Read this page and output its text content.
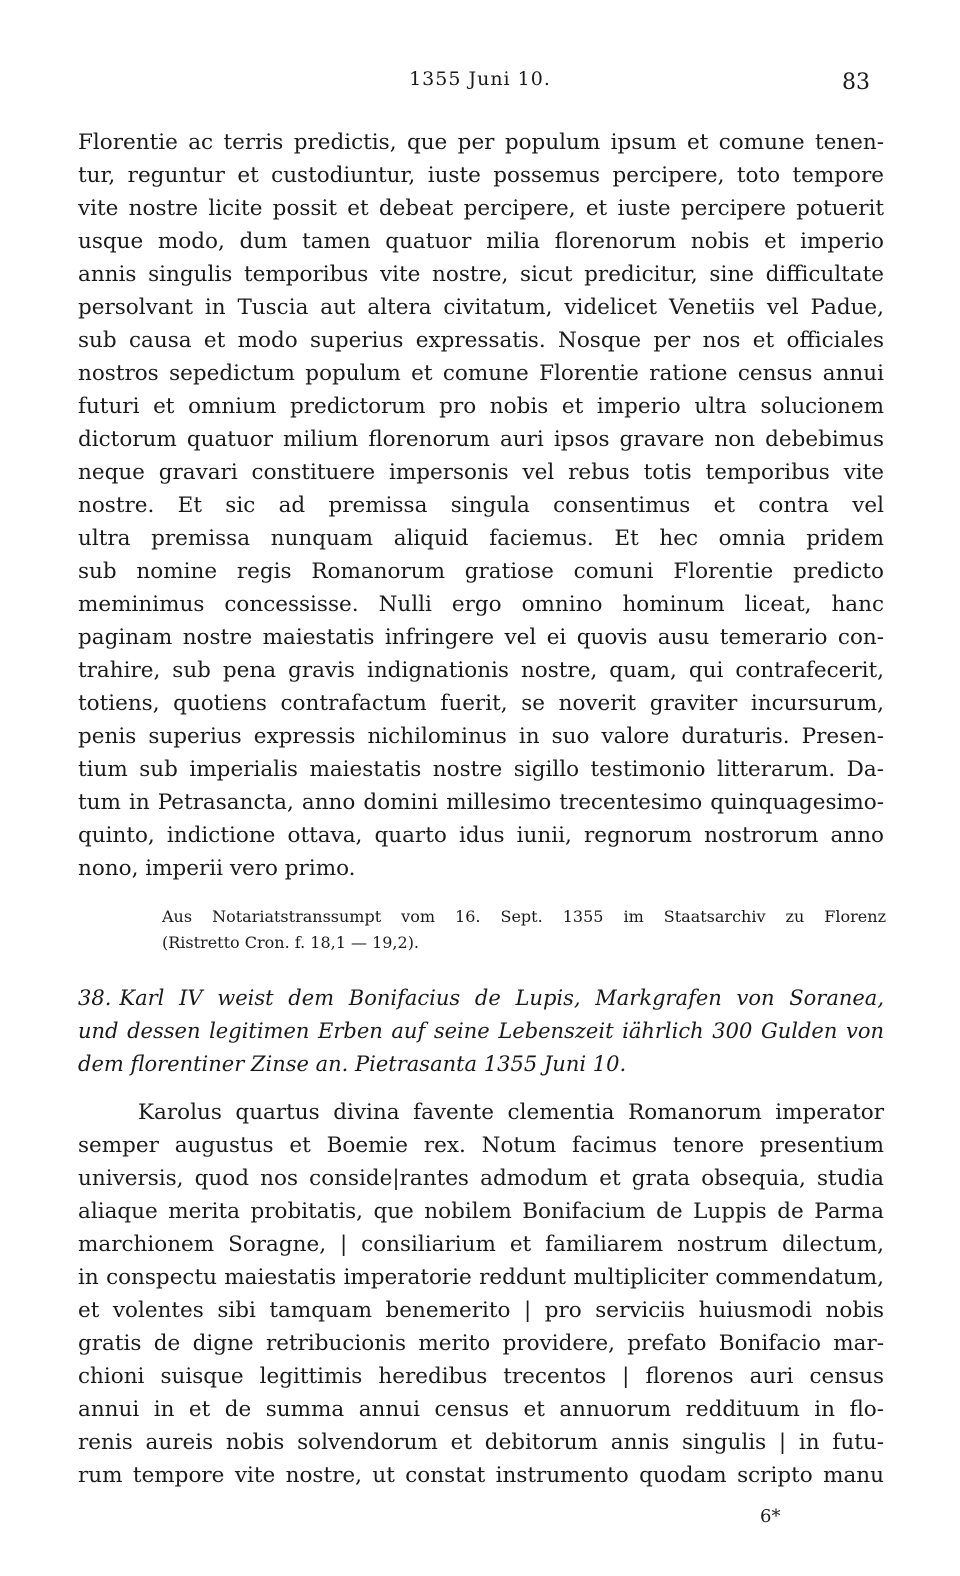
1355 Juni 10.	83
Florentie ac terris predictis, que per populum ipsum et comune tenen-
tur, reguntur et custodiuntur, iuste possemus percipere, toto tempore
vite nostre licite possit et debeat percipere, et iuste percipere potuerit
usque modo, dum tamen quatuor milia florenorum nobis et imperio
annis singulis temporibus vite nostre, sicut predicitur, sine difficultate
persolvant in Tuscia aut altera civitatum, videlicet Venetiis vel Padue,
sub causa et modo superius expressatis. Nosque per nos et officiales
nostros sepedictum populum et comune Florentie ratione census annui
futuri et omnium predictorum pro nobis et imperio ultra solucionem
dictorum quatuor milium florenorum auri ipsos gravare non debebimus
neque gravari constituere impersonis vel rebus totis temporibus vite
nostre. Et sic ad premissa singula consentimus et contra vel
ultra premissa nunquam aliquid faciemus. Et hec omnia pridem
sub nomine regis Romanorum gratiose comuni Florentie predicto
meminimus concessisse. Nulli ergo omnino hominum liceat, hanc
paginam nostre maiestatis infringere vel ei quovis ausu temerario con-
trahire, sub pena gravis indignationis nostre, quam, qui contrafecerit,
totiens, quotiens contrafactum fuerit, se noverit graviter incursurum,
penis superius expressis nichilominus in suo valore duraturis. Presen-
tium sub imperialis maiestatis nostre sigillo testimonio litterarum. Da-
tum in Petrasancta, anno domini millesimo trecentesimo quinquagesimo-
quinto, indictione ottava, quarto idus iunii, regnorum nostrorum anno
nono, imperii vero primo.
Aus Notariatstranssumpt vom 16. Sept. 1355 im Staatsarchiv zu Florenz
(Ristretto Cron. f. 18,1 — 19,2).
38. Karl IV weist dem Bonifacius de Lupis, Markgrafen von Soranea,
und dessen legitimen Erben auf seine Lebenszeit iährlich 300 Gulden von
dem florentiner Zinse an. Pietrasanta 1355 Juni 10.
Karolus quartus divina favente clementia Romanorum imperator
semper augustus et Boemie rex. Notum facimus tenore presentium
universis, quod nos conside|rantes admodum et grata obsequia, studia
aliaque merita probitatis, que nobilem Bonifacium de Luppis de Parma
marchionem Soragne, | consiliarium et familiarem nostrum dilectum,
in conspectu maiestatis imperatorie reddunt multipliciter commendatum,
et volentes sibi tamquam benemerito | pro serviciis huiusmodi nobis
gratis de digne retribucionis merito providere, prefato Bonifacio mar-
chioni suisque legittimis heredibus trecentos | florenos auri census
annui in et de summa annui census et annuorum reddituum in flo-
renis aureis nobis solvendorum et debitorum annis singulis | in futu-
rum tempore vite nostre, ut constat instrumento quodam scripto manu
6*
